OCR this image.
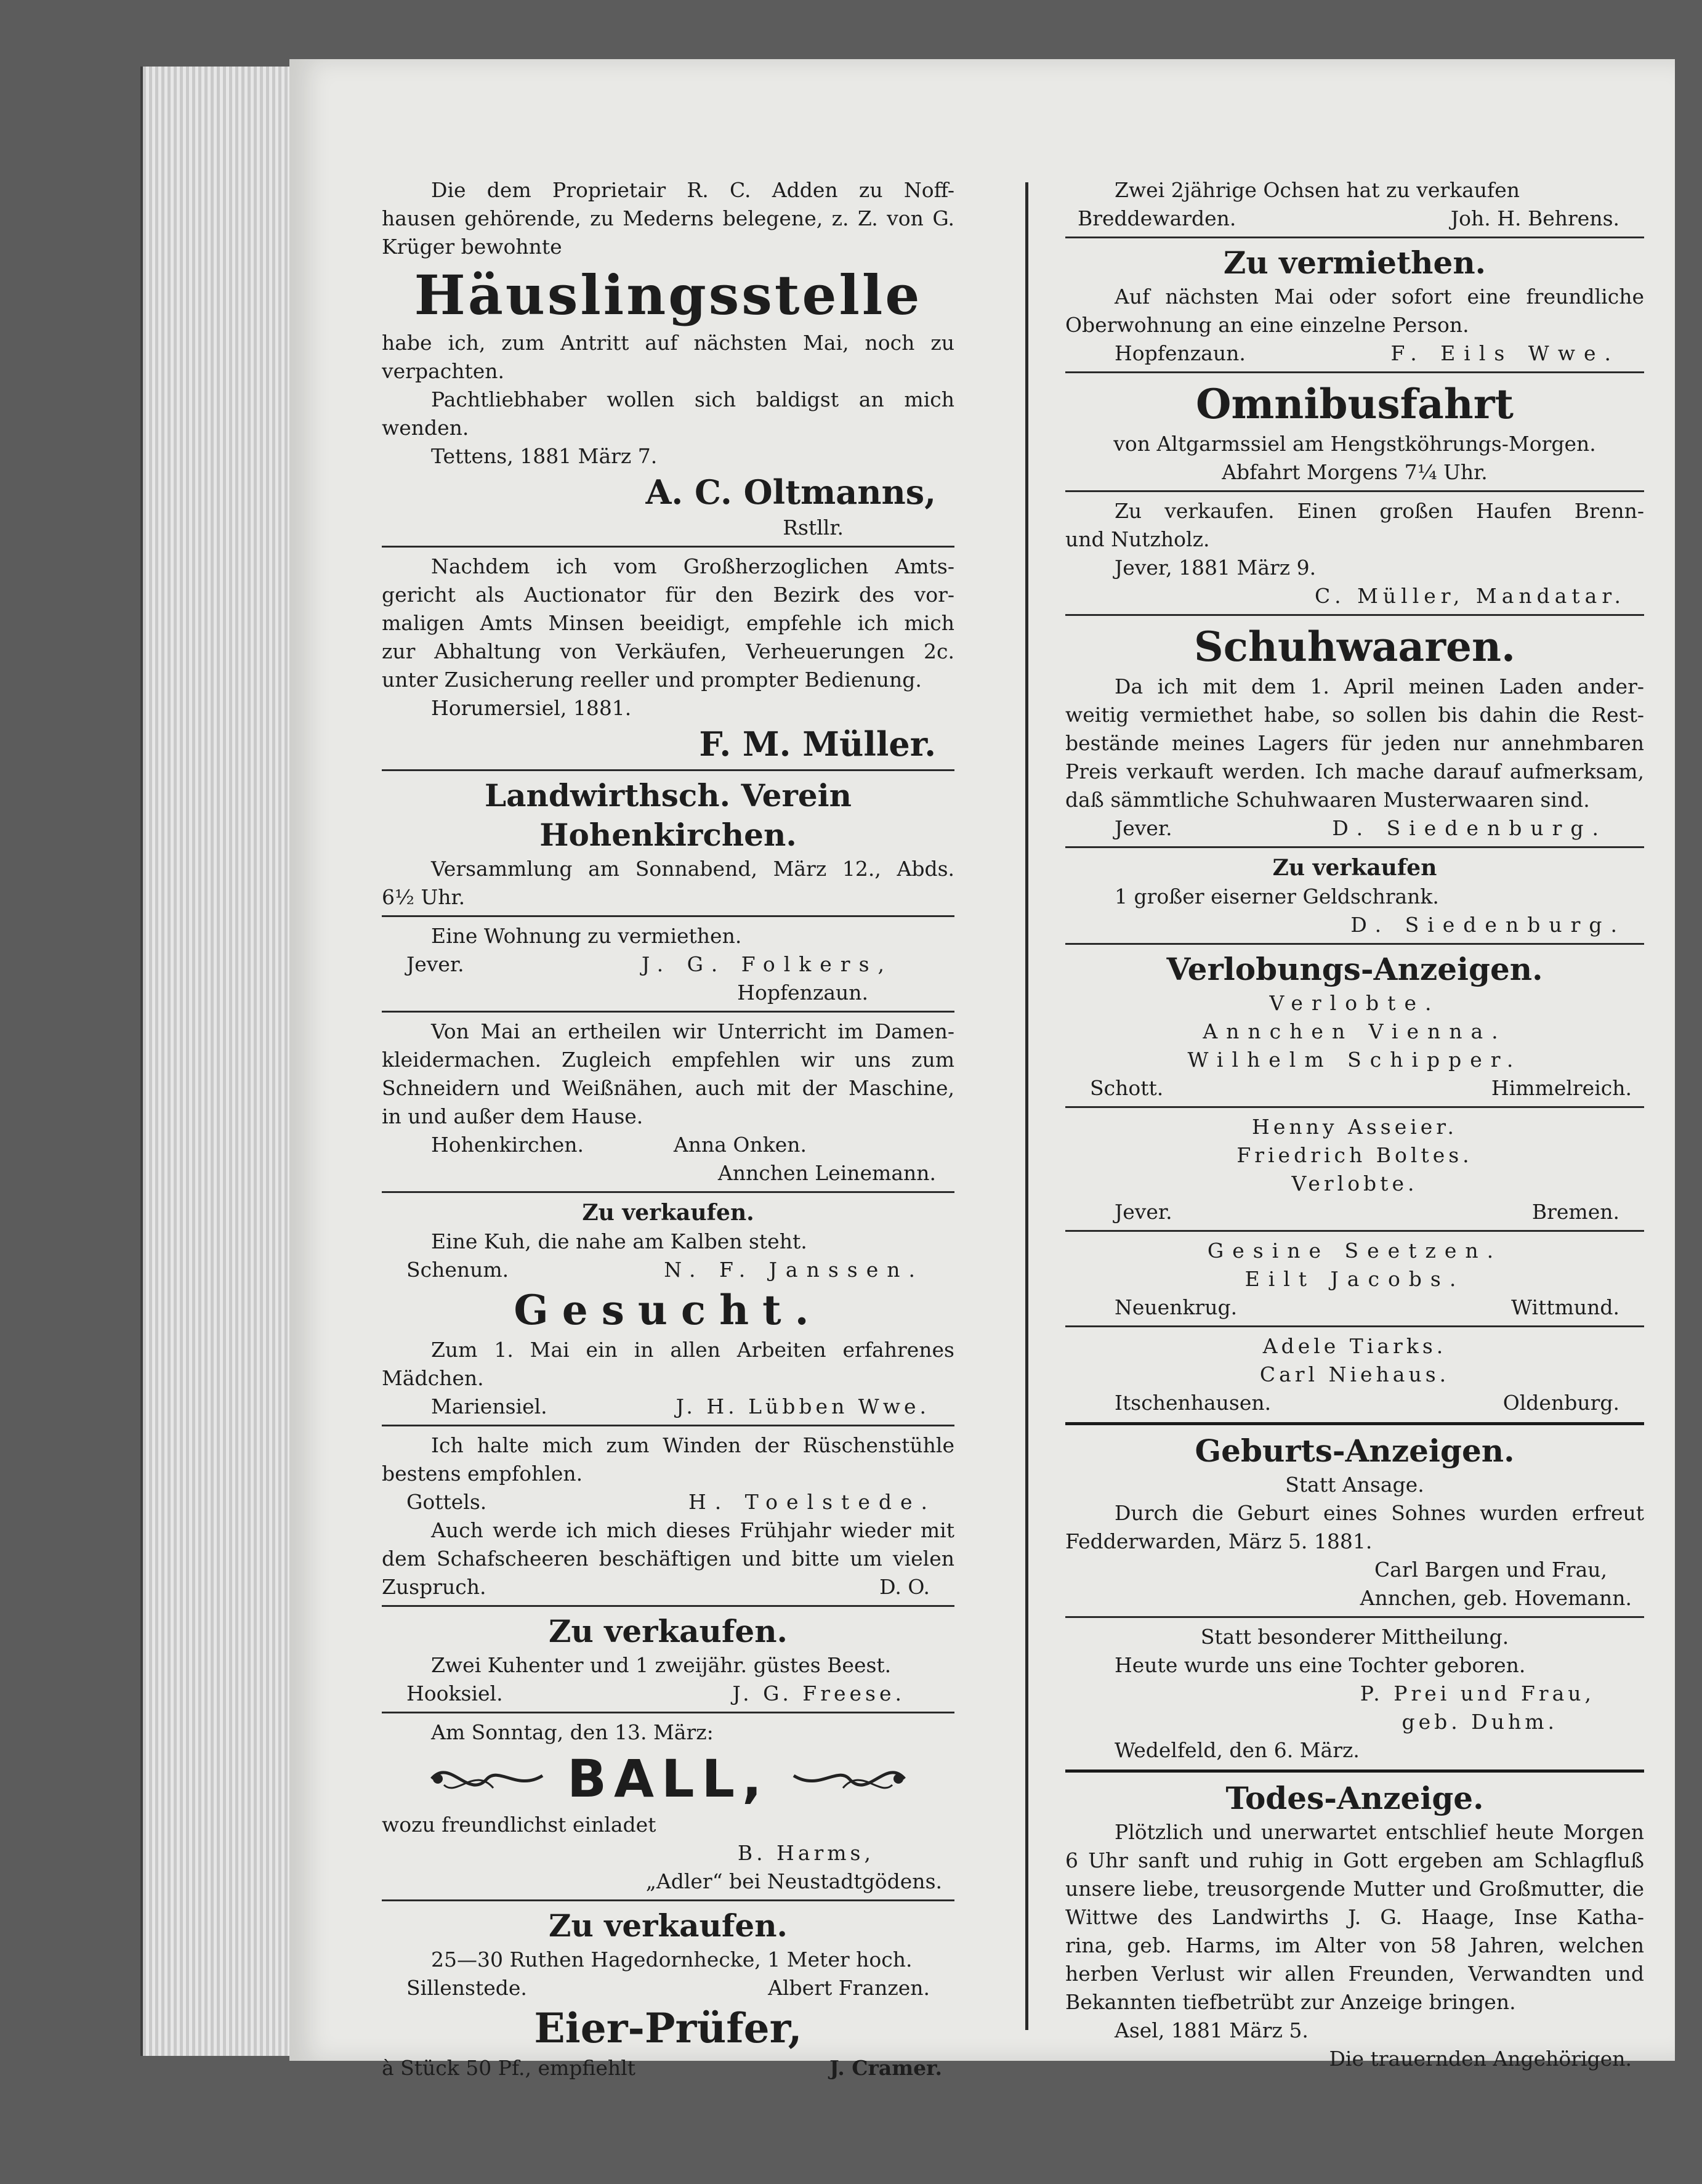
Die dem Proprietair R. C. Adden zu Noff-
hausen gehörende, zu Mederns belegene, z. Z. von G.
Krüger bewohnte
Häuslingsstelle
habe ich, zum Antritt auf nächsten Mai, noch zu
verpachten.
Pachtliebhaber wollen sich baldigst an mich
wenden.
Tettens, 1881 März 7.
A. C. Oltmanns,
Rstllr.
Nachdem ich vom Großherzoglichen Amts-
gericht als Auctionator für den Bezirk des vor-
maligen Amts Minsen beeidigt, empfehle ich mich
zur Abhaltung von Verkäufen, Verheuerungen 2c.
unter Zusicherung reeller und prompter Bedienung.
Horumersiel, 1881.
F. M. Müller.
Landwirthsch. Verein Hohenkirchen.
Versammlung am Sonnabend, März 12., Abds.
6½ Uhr.
Eine Wohnung zu vermiethen.
Jever.	J. G. Folkers,
Hopfenzaun.
Von Mai an ertheilen wir Unterricht im Damen-
kleidermachen. Zugleich empfehlen wir uns zum
Schneidern und Weißnähen, auch mit der Maschine,
in und außer dem Hause.
Hohenkirchen.	Anna Onken.
Annchen Leinemann.
Zu verkaufen.
Eine Kuh, die nahe am Kalben steht.
Schenum.	N. F. Janssen.
Gesucht.
Zum 1. Mai ein in allen Arbeiten erfahrenes
Mädchen.
Mariensiel.	J. H. Lübben Wwe.
Ich halte mich zum Winden der Rüschenstühle
bestens empfohlen.
Gottels.	H. Toelstede.
Auch werde ich mich dieses Frühjahr wieder mit
dem Schafscheeren beschäftigen und bitte um vielen
Zuspruch.	D. O.
Zu verkaufen.
Zwei Kuhenter und 1 zweijähr. güstes Beest.
Hooksiel.	J. G. Freese.
Am Sonntag, den 13. März:
BALL,
wozu freundlichst einladet
B. Harms,
„Adler“ bei Neustadtgödens.
Zu verkaufen.
25—30 Ruthen Hagedornhecke, 1 Meter hoch.
Sillenstede.	Albert Franzen.
Eier-Prüfer,
à Stück 50 Pf., empfiehlt	J. Cramer.
Zwei 2jährige Ochsen hat zu verkaufen
Breddewarden.	Joh. H. Behrens.
Zu vermiethen.
Auf nächsten Mai oder sofort eine freundliche
Oberwohnung an eine einzelne Person.
Hopfenzaun.	F. Eils Wwe.
Omnibusfahrt
von Altgarmssiel am Hengstköhrungs-Morgen.
Abfahrt Morgens 7¼ Uhr.
Zu verkaufen. Einen großen Haufen Brenn-
und Nutzholz.
Jever, 1881 März 9.
C. Müller, Mandatar.
Schuhwaaren.
Da ich mit dem 1. April meinen Laden ander-
weitig vermiethet habe, so sollen bis dahin die Rest-
bestände meines Lagers für jeden nur annehmbaren
Preis verkauft werden. Ich mache darauf aufmerksam,
daß sämmtliche Schuhwaaren Musterwaaren sind.
Jever.	D. Siedenburg.
Zu verkaufen
1 großer eiserner Geldschrank.
D. Siedenburg.
Verlobungs-Anzeigen.
Verlobte.
Annchen Vienna.
Wilhelm Schipper.
Schott.	Himmelreich.
Henny Asseier.
Friedrich Boltes.
Verlobte.
Jever.	Bremen.
Gesine Seetzen.
Eilt Jacobs.
Neuenkrug.	Wittmund.
Adele Tiarks.
Carl Niehaus.
Itschenhausen.	Oldenburg.
Geburts-Anzeigen.
Statt Ansage.
Durch die Geburt eines Sohnes wurden erfreut
Fedderwarden, März 5. 1881.
Carl Bargen und Frau,
Annchen, geb. Hovemann.
Statt besonderer Mittheilung.
Heute wurde uns eine Tochter geboren.
P. Prei und Frau,
geb. Duhm.
Wedelfeld, den 6. März.
Todes-Anzeige.
Plötzlich und unerwartet entschlief heute Morgen
6 Uhr sanft und ruhig in Gott ergeben am Schlagfluß
unsere liebe, treusorgende Mutter und Großmutter, die
Wittwe des Landwirths J. G. Haage, Inse Katha-
rina, geb. Harms, im Alter von 58 Jahren, welchen
herben Verlust wir allen Freunden, Verwandten und
Bekannten tiefbetrübt zur Anzeige bringen.
Asel, 1881 März 5.
Die trauernden Angehörigen.
